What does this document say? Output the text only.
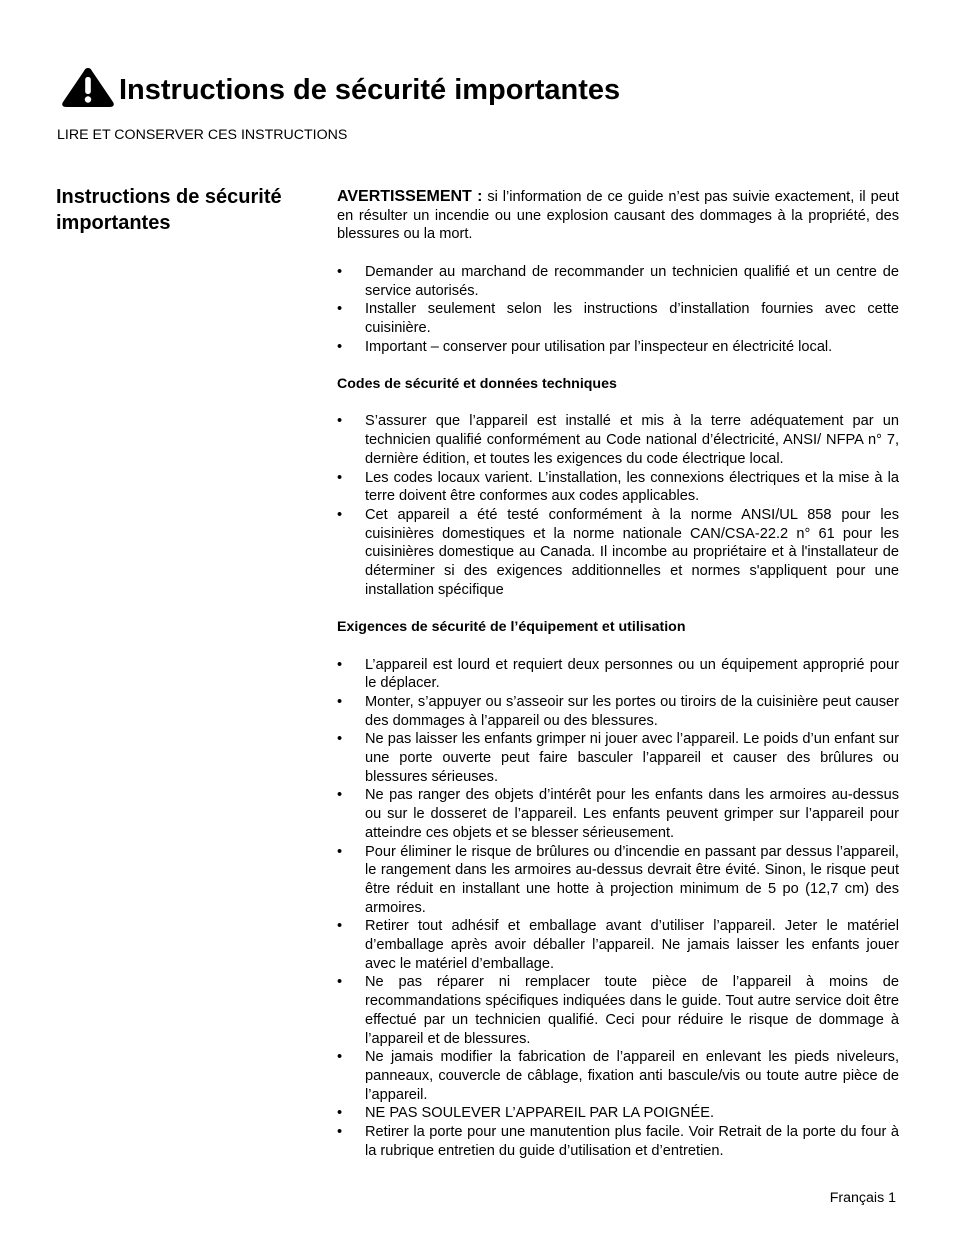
Instructions de sécurité importantes

LIRE ET CONSERVER CES INSTRUCTIONS

Instructions de sécurité importantes

AVERTISSEMENT : si l’information de ce guide n’est pas suivie exactement, il peut en résulter un incendie ou une explosion causant des dommages à la propriété, des blessures ou la mort.

• Demander au marchand de recommander un technicien qualifié et un centre de service autorisés.
• Installer seulement selon les instructions d’installation fournies avec cette cuisinière.
• Important – conserver pour utilisation par l’inspecteur en électricité local.

Codes de sécurité et données techniques

• S’assurer que l’appareil est installé et mis à la terre adéquatement par un technicien qualifié conformément au Code national d’électricité, ANSI/ NFPA n° 7, dernière édition, et toutes les exigences du code électrique local.
• Les codes locaux varient. L’installation, les connexions électriques et la mise à la terre doivent être conformes aux codes applicables.
• Cet appareil a été testé conformément à la norme ANSI/UL 858 pour les cuisinières domestiques et la norme nationale CAN/CSA-22.2 n° 61 pour les cuisinières domestique au Canada. Il incombe au propriétaire et à l'installateur de déterminer si des exigences additionnelles et normes s'appliquent pour une installation spécifique

Exigences de sécurité de l’équipement et utilisation

• L’appareil est lourd et requiert deux personnes ou un équipement approprié pour le déplacer.
• Monter, s’appuyer ou s’asseoir sur les portes ou tiroirs de la cuisinière peut causer des dommages à l’appareil ou des blessures.
• Ne pas laisser les enfants grimper ni jouer avec l’appareil. Le poids d’un enfant sur une porte ouverte peut faire basculer l’appareil et causer des brûlures ou blessures sérieuses.
• Ne pas ranger des objets d’intérêt pour les enfants dans les armoires au-dessus ou sur le dosseret de l’appareil. Les enfants peuvent grimper sur l’appareil pour atteindre ces objets et se blesser sérieusement.
• Pour éliminer le risque de brûlures ou d’incendie en passant par dessus l’appareil, le rangement dans les armoires au-dessus devrait être évité. Sinon, le risque peut être réduit en installant une hotte à projection minimum de 5 po (12,7 cm) des armoires.
• Retirer tout adhésif et emballage avant d’utiliser l’appareil. Jeter le matériel d’emballage après avoir déballer l’appareil. Ne jamais laisser les enfants jouer avec le matériel d’emballage.
• Ne pas réparer ni remplacer toute pièce de l’appareil à moins de recommandations spécifiques indiquées dans le guide. Tout autre service doit être effectué par un technicien qualifié. Ceci pour réduire le risque de dommage à l’appareil et de blessures.
• Ne jamais modifier la fabrication de l’appareil en enlevant les pieds niveleurs, panneaux, couvercle de câblage, fixation anti bascule/vis ou toute autre pièce de l’appareil.
• NE PAS SOULEVER L’APPAREIL PAR LA POIGNÉE.
• Retirer la porte pour une manutention plus facile. Voir Retrait de la porte du four à la rubrique entretien du guide d’utilisation et d’entretien.
Français 1
